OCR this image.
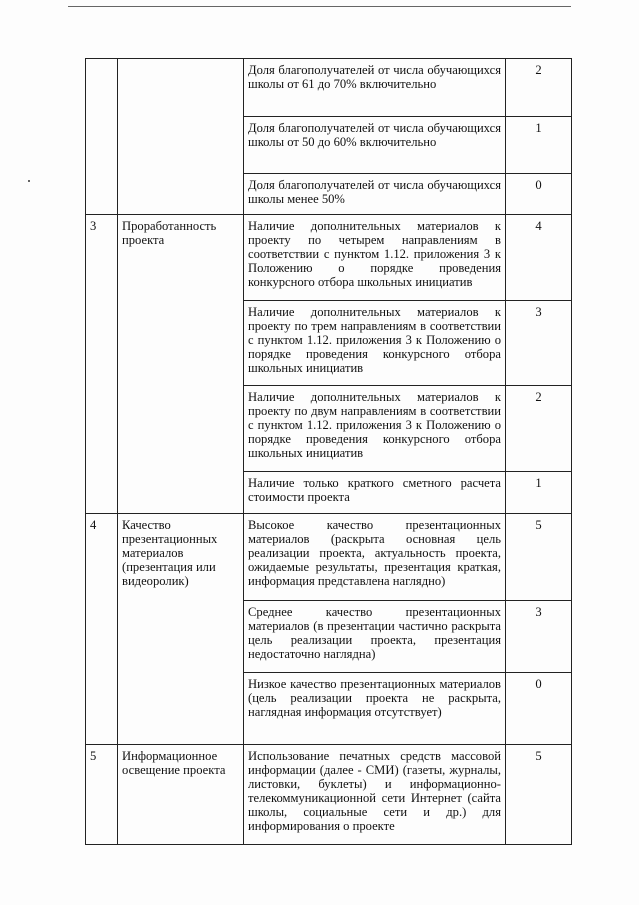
		Доля благополучателей от числа обучающихся школы от 61 до 70% включительно	2
		Доля благополучателей от числа обучающихся школы от 50 до 60% включительно	1
		Доля благополучателей от числа обучающихся школы менее 50%	0
3	Проработанность проекта	Наличие дополнительных материалов к проекту по четырем направлениям в соответствии с пунктом 1.12. приложения 3 к Положению о порядке проведения конкурсного отбора школьных инициатив	4
		Наличие дополнительных материалов к проекту по трем направлениям в соответствии с пунктом 1.12. приложения 3 к Положению о порядке проведения конкурсного отбора школьных инициатив	3
		Наличие дополнительных материалов к проекту по двум направлениям в соответствии с пунктом 1.12. приложения 3 к Положению о порядке проведения конкурсного отбора школьных инициатив	2
		Наличие только краткого сметного расчета стоимости проекта	1
4	Качество презентационных материалов (презентация или видеоролик)	Высокое качество презентационных материалов (раскрыта основная цель реализации проекта, актуальность проекта, ожидаемые результаты, презентация краткая, информация представлена наглядно)	5
		Среднее качество презентационных материалов (в презентации частично раскрыта цель реализации проекта, презентация недостаточно наглядна)	3
		Низкое качество презентационных материалов (цель реализации проекта не раскрыта, наглядная информация отсутствует)	0
5	Информационное освещение проекта	Использование печатных средств массовой информации (далее - СМИ) (газеты, журналы, листовки, буклеты) и информационно-телекоммуникационной сети Интернет (сайта школы, социальные сети и др.) для информирования о проекте	5
